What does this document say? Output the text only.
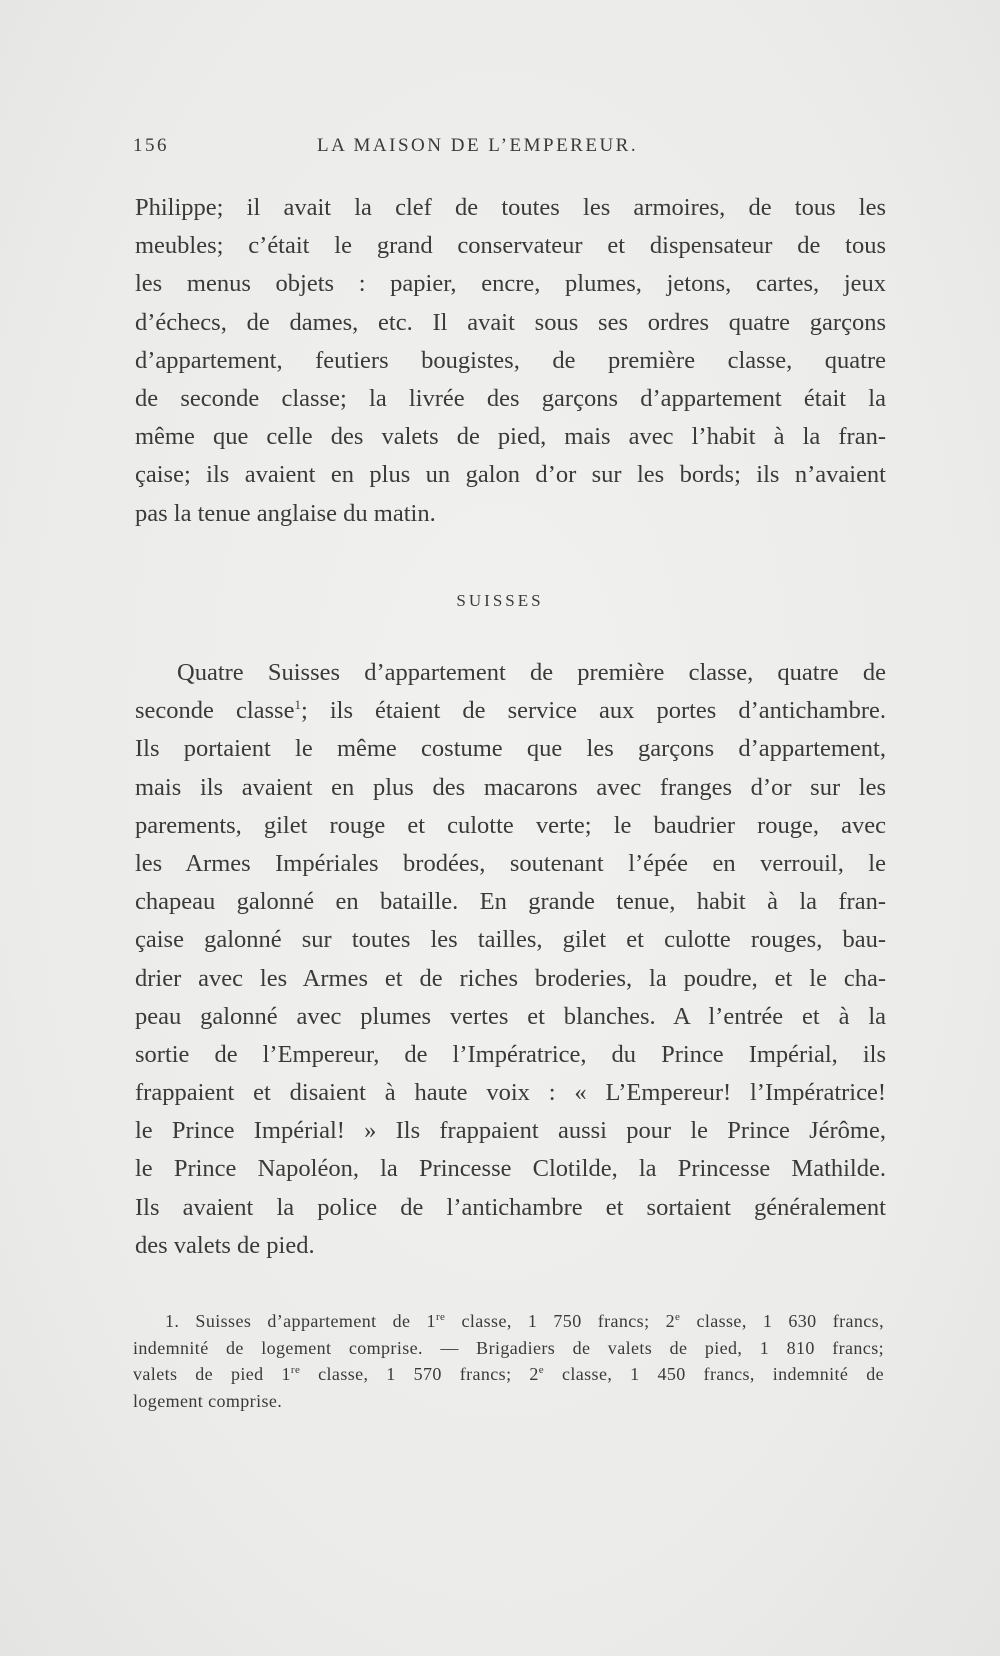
156	LA MAISON DE L’EMPEREUR.
Philippe; il avait la clef de toutes les armoires, de tous les
meubles; c’était le grand conservateur et dispensateur de tous
les menus objets : papier, encre, plumes, jetons, cartes, jeux
d’échecs, de dames, etc. Il avait sous ses ordres quatre garçons
d’appartement, feutiers bougistes, de première classe, quatre
de seconde classe; la livrée des garçons d’appartement était la
même que celle des valets de pied, mais avec l’habit à la fran-
çaise; ils avaient en plus un galon d’or sur les bords; ils n’avaient
pas la tenue anglaise du matin.
SUISSES
Quatre Suisses d’appartement de première classe, quatre de
seconde classe$^1$; ils étaient de service aux portes d’antichambre.
Ils portaient le même costume que les garçons d’appartement,
mais ils avaient en plus des macarons avec franges d’or sur les
parements, gilet rouge et culotte verte; le baudrier rouge, avec
les Armes Impériales brodées, soutenant l’épée en verrouil, le
chapeau galonné en bataille. En grande tenue, habit à la fran-
çaise galonné sur toutes les tailles, gilet et culotte rouges, bau-
drier avec les Armes et de riches broderies, la poudre, et le cha-
peau galonné avec plumes vertes et blanches. A l’entrée et à la
sortie de l’Empereur, de l’Impératrice, du Prince Impérial, ils
frappaient et disaient à haute voix : « L’Empereur! l’Impératrice!
le Prince Impérial! » Ils frappaient aussi pour le Prince Jérôme,
le Prince Napoléon, la Princesse Clotilde, la Princesse Mathilde.
Ils avaient la police de l’antichambre et sortaient généralement
des valets de pied.
1. Suisses d’appartement de 1re classe, 1 750 francs; 2e classe, 1 630 francs,
indemnité de logement comprise. — Brigadiers de valets de pied, 1 810 francs;
valets de pied 1re classe, 1 570 francs; 2e classe, 1 450 francs, indemnité de
logement comprise.
